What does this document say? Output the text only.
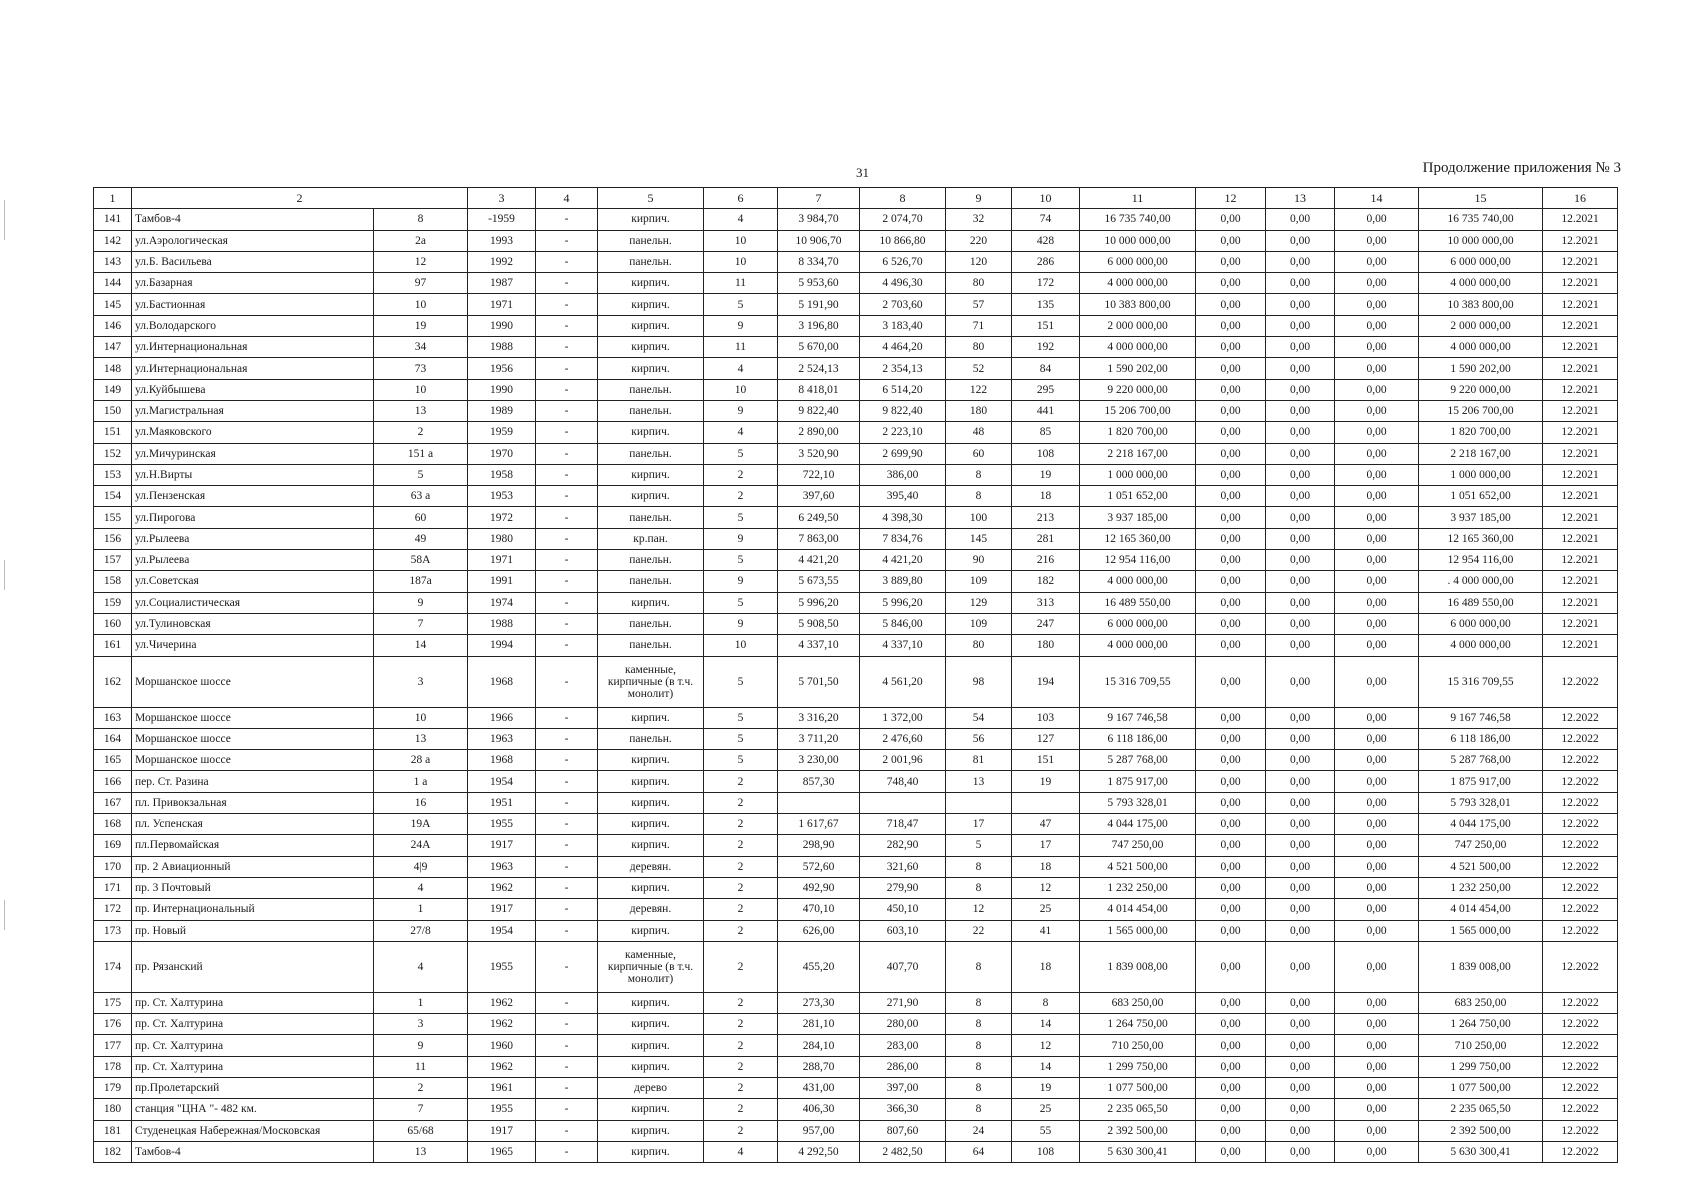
31	Продолжение приложения № 3
1	2		3	4	5	6	7	8	9	10	11	12	13	14	15	16
141	Тамбов-4	8	-1959	-	кирпич.	4	3 984,70	2 074,70	32	74	16 735 740,00	0,00	0,00	0,00	16 735 740,00	12.2021
142	ул.Аэрологическая	2а	1993	-	панельн.	10	10 906,70	10 866,80	220	428	10 000 000,00	0,00	0,00	0,00	10 000 000,00	12.2021
143	ул.Б. Васильева	12	1992	-	панельн.	10	8 334,70	6 526,70	120	286	6 000 000,00	0,00	0,00	0,00	6 000 000,00	12.2021
144	ул.Базарная	97	1987	-	кирпич.	11	5 953,60	4 496,30	80	172	4 000 000,00	0,00	0,00	0,00	4 000 000,00	12.2021
145	ул.Бастионная	10	1971	-	кирпич.	5	5 191,90	2 703,60	57	135	10 383 800,00	0,00	0,00	0,00	10 383 800,00	12.2021
146	ул.Володарского	19	1990	-	кирпич.	9	3 196,80	3 183,40	71	151	2 000 000,00	0,00	0,00	0,00	2 000 000,00	12.2021
147	ул.Интернациональная	34	1988	-	кирпич.	11	5 670,00	4 464,20	80	192	4 000 000,00	0,00	0,00	0,00	4 000 000,00	12.2021
148	ул.Интернациональная	73	1956	-	кирпич.	4	2 524,13	2 354,13	52	84	1 590 202,00	0,00	0,00	0,00	1 590 202,00	12.2021
149	ул.Куйбышева	10	1990	-	панельн.	10	8 418,01	6 514,20	122	295	9 220 000,00	0,00	0,00	0,00	9 220 000,00	12.2021
150	ул.Магистральная	13	1989	-	панельн.	9	9 822,40	9 822,40	180	441	15 206 700,00	0,00	0,00	0,00	15 206 700,00	12.2021
151	ул.Маяковского	2	1959	-	кирпич.	4	2 890,00	2 223,10	48	85	1 820 700,00	0,00	0,00	0,00	1 820 700,00	12.2021
152	ул.Мичуринская	151 а	1970	-	панельн.	5	3 520,90	2 699,90	60	108	2 218 167,00	0,00	0,00	0,00	2 218 167,00	12.2021
153	ул.Н.Вирты	5	1958	-	кирпич.	2	722,10	386,00	8	19	1 000 000,00	0,00	0,00	0,00	1 000 000,00	12.2021
154	ул.Пензенская	63 а	1953	-	кирпич.	2	397,60	395,40	8	18	1 051 652,00	0,00	0,00	0,00	1 051 652,00	12.2021
155	ул.Пирогова	60	1972	-	панельн.	5	6 249,50	4 398,30	100	213	3 937 185,00	0,00	0,00	0,00	3 937 185,00	12.2021
156	ул.Рылеева	49	1980	-	кр.пан.	9	7 863,00	7 834,76	145	281	12 165 360,00	0,00	0,00	0,00	12 165 360,00	12.2021
157	ул.Рылеева	58А	1971	-	панельн.	5	4 421,20	4 421,20	90	216	12 954 116,00	0,00	0,00	0,00	12 954 116,00	12.2021
158	ул.Советская	187а	1991	-	панельн.	9	5 673,55	3 889,80	109	182	4 000 000,00	0,00	0,00	0,00	. 4 000 000,00	12.2021
159	ул.Социалистическая	9	1974	-	кирпич.	5	5 996,20	5 996,20	129	313	16 489 550,00	0,00	0,00	0,00	16 489 550,00	12.2021
160	ул.Тулиновская	7	1988	-	панельн.	9	5 908,50	5 846,00	109	247	6 000 000,00	0,00	0,00	0,00	6 000 000,00	12.2021
161	ул.Чичерина	14	1994	-	панельн.	10	4 337,10	4 337,10	80	180	4 000 000,00	0,00	0,00	0,00	4 000 000,00	12.2021
162	Моршанское шоссе	3	1968	-	каменные, кирпичные (в т.ч. монолит)	5	5 701,50	4 561,20	98	194	15 316 709,55	0,00	0,00	0,00	15 316 709,55	12.2022
163	Моршанское шоссе	10	1966	-	кирпич.	5	3 316,20	1 372,00	54	103	9 167 746,58	0,00	0,00	0,00	9 167 746,58	12.2022
164	Моршанское шоссе	13	1963	-	панельн.	5	3 711,20	2 476,60	56	127	6 118 186,00	0,00	0,00	0,00	6 118 186,00	12.2022
165	Моршанское шоссе	28 а	1968	-	кирпич.	5	3 230,00	2 001,96	81	151	5 287 768,00	0,00	0,00	0,00	5 287 768,00	12.2022
166	пер. Ст. Разина	1 а	1954	-	кирпич.	2	857,30	748,40	13	19	1 875 917,00	0,00	0,00	0,00	1 875 917,00	12.2022
167	пл. Привокзальная	16	1951	-	кирпич.	2					5 793 328,01	0,00	0,00	0,00	5 793 328,01	12.2022
168	пл. Успенская	19А	1955	-	кирпич.	2	1 617,67	718,47	17	47	4 044 175,00	0,00	0,00	0,00	4 044 175,00	12.2022
169	пл.Первомайская	24А	1917	-	кирпич.	2	298,90	282,90	5	17	747 250,00	0,00	0,00	0,00	747 250,00	12.2022
170	пр. 2 Авиационный	4|9	1963	-	деревян.	2	572,60	321,60	8	18	4 521 500,00	0,00	0,00	0,00	4 521 500,00	12.2022
171	пр. 3 Почтовый	4	1962	-	кирпич.	2	492,90	279,90	8	12	1 232 250,00	0,00	0,00	0,00	1 232 250,00	12.2022
172	пр. Интернациональный	1	1917	-	деревян.	2	470,10	450,10	12	25	4 014 454,00	0,00	0,00	0,00	4 014 454,00	12.2022
173	пр. Новый	27/8	1954	-	кирпич.	2	626,00	603,10	22	41	1 565 000,00	0,00	0,00	0,00	1 565 000,00	12.2022
174	пр. Рязанский	4	1955	-	каменные, кирпичные (в т.ч. монолит)	2	455,20	407,70	8	18	1 839 008,00	0,00	0,00	0,00	1 839 008,00	12.2022
175	пр. Ст. Халтурина	1	1962	-	кирпич.	2	273,30	271,90	8	8	683 250,00	0,00	0,00	0,00	683 250,00	12.2022
176	пр. Ст. Халтурина	3	1962	-	кирпич.	2	281,10	280,00	8	14	1 264 750,00	0,00	0,00	0,00	1 264 750,00	12.2022
177	пр. Ст. Халтурина	9	1960	-	кирпич.	2	284,10	283,00	8	12	710 250,00	0,00	0,00	0,00	710 250,00	12.2022
178	пр. Ст. Халтурина	11	1962	-	кирпич.	2	288,70	286,00	8	14	1 299 750,00	0,00	0,00	0,00	1 299 750,00	12.2022
179	пр.Пролетарский	2	1961	-	дерево	2	431,00	397,00	8	19	1 077 500,00	0,00	0,00	0,00	1 077 500,00	12.2022
180	станция "ЦНА "- 482 км.	7	1955	-	кирпич.	2	406,30	366,30	8	25	2 235 065,50	0,00	0,00	0,00	2 235 065,50	12.2022
181	Студенецкая Набережная/Московская	65/68	1917	-	кирпич.	2	957,00	807,60	24	55	2 392 500,00	0,00	0,00	0,00	2 392 500,00	12.2022
182	Тамбов-4	13	1965	-	кирпич.	4	4 292,50	2 482,50	64	108	5 630 300,41	0,00	0,00	0,00	5 630 300,41	12.2022
